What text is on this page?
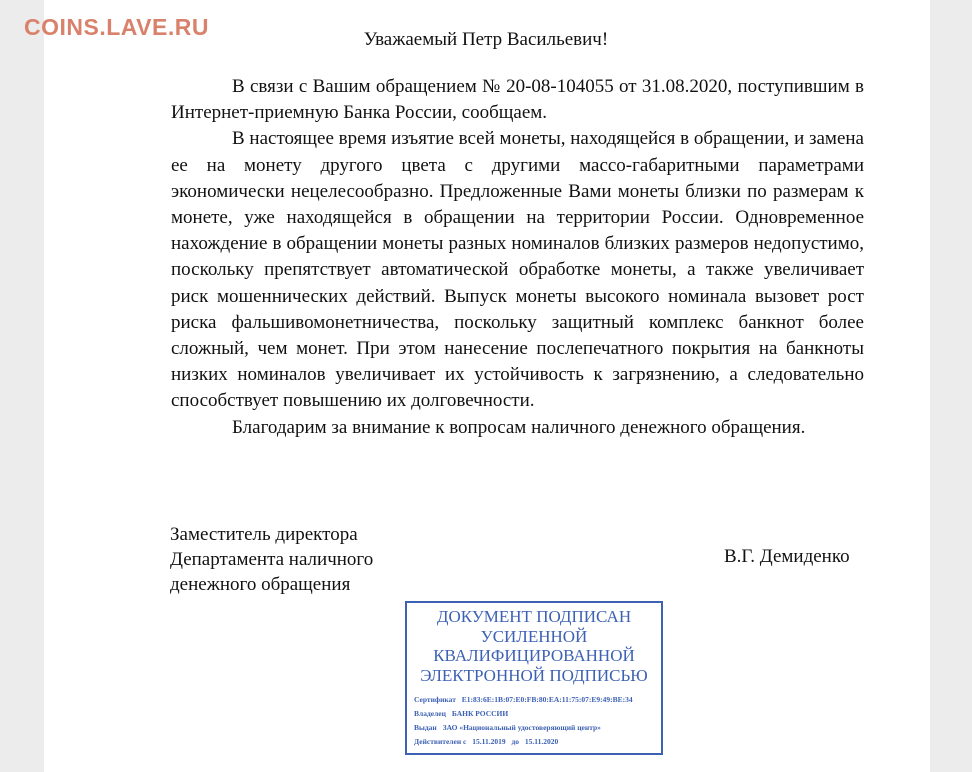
COINS.LAVE.RU	Уважаемый Петр Васильевич!

В связи с Вашим обращением № 20-08-104055 от 31.08.2020, поступившим в Интернет-приемную Банка России, сообщаем.

В настоящее время изъятие всей монеты, находящейся в обращении, и замена ее на монету другого цвета с другими массо-габаритными параметрами экономически нецелесообразно. Предложенные Вами монеты близки по размерам к монете, уже находящейся в обращении на территории России. Одновременное нахождение в обращении монеты разных номиналов близких размеров недопустимо, поскольку препятствует автоматической обработке монеты, а также увеличивает риск мошеннических действий. Выпуск монеты высокого номинала вызовет рост риска фальшивомонетничества, поскольку защитный комплекс банкнот более сложный, чем монет. При этом нанесение послепечатного покрытия на банкноты низких номиналов увеличивает их устойчивость к загрязнению, а следовательно способствует повышению их долговечности.

Благодарим за внимание к вопросам наличного денежного обращения.

Заместитель директора
Департамента наличного
денежного обращения
В.Г. Демиденко
ДОКУМЕНТ ПОДПИСАН
УСИЛЕННОЙ
КВАЛИФИЦИРОВАННОЙ
ЭЛЕКТРОННОЙ ПОДПИСЬЮ
Сертификат E1:83:6E:1B:07:E0:FB:80:EA:11:75:07:E9:49:BE:34
Владелец БАНК РОССИИ
Выдан ЗАО «Национальный удостоверяющий центр»
Действителен с 15.11.2019 до 15.11.2020
